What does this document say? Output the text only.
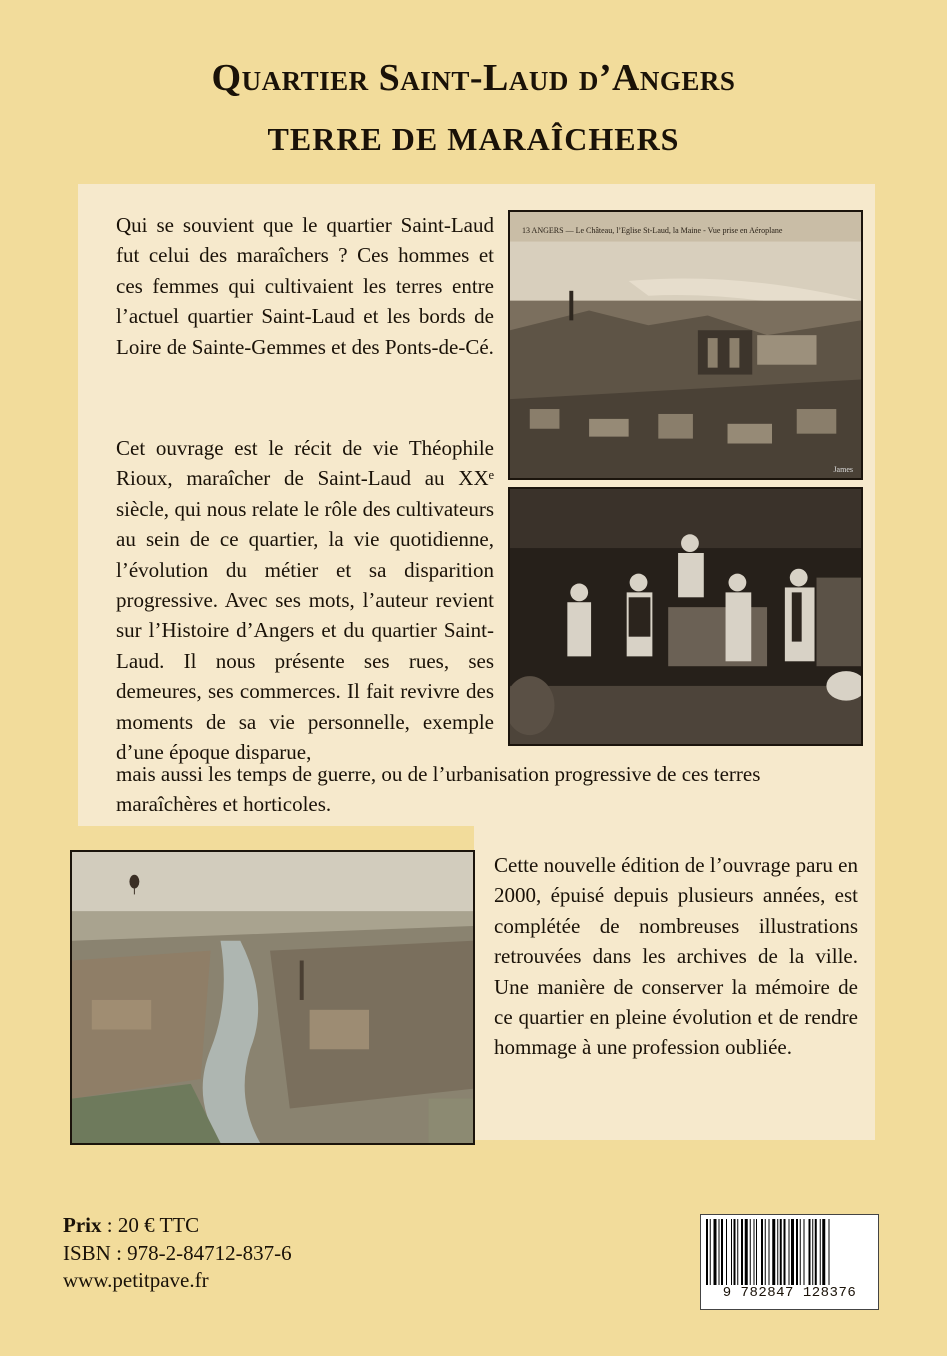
Quartier Saint-Laud d’Angers
TERRE DE MARAÎCHERS
Qui se souvient que le quartier Saint-Laud fut celui des maraîchers ? Ces hommes et ces femmes qui cultivaient les terres entre l’actuel quartier Saint-Laud et les bords de Loire de Sainte-Gemmes et des Ponts-de-Cé.
Cet ouvrage est le récit de vie Théophile Rioux, maraîcher de Saint-Laud au XXᵉ siècle, qui nous relate le rôle des cultivateurs au sein de ce quartier, la vie quotidienne, l’évolution du métier et sa disparition progressive. Avec ses mots, l’auteur revient sur l’Histoire d’Angers et du quartier Saint-Laud. Il nous présente ses rues, ses demeures, ses commerces. Il fait revivre des moments de sa vie personnelle, exemple d’une époque disparue,
mais aussi les temps de guerre, ou de l’urbanisation progressive de ces terres maraîchères et horticoles.
Cette nouvelle édition de l’ouvrage paru en 2000, épuisé depuis plusieurs années, est complétée de nombreuses illustrations retrouvées dans les archives de la ville. Une manière de conserver la mémoire de ce quartier en pleine évolution et de rendre hommage à une profession oubliée.
13 ANGERS — Le Château, l’Eglise St-Laud, la Maine - Vue prise en Aéroplane
James
Prix : 20 € TTC
ISBN : 978-2-84712-837-6
www.petitpave.fr
9 782847 128376
